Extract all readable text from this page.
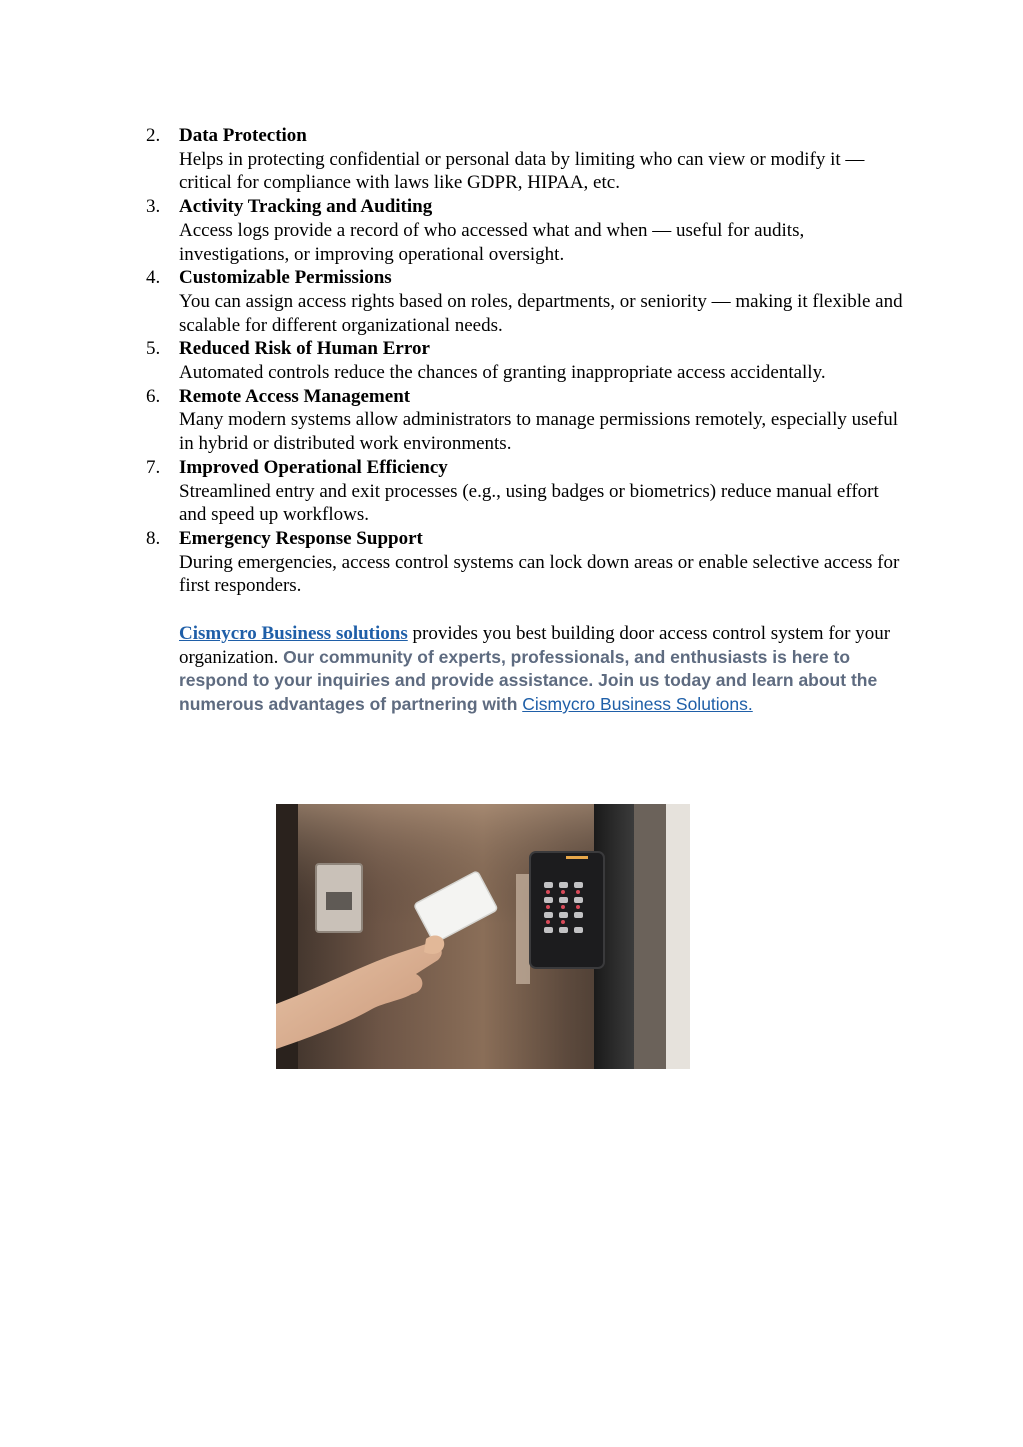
2. Data Protection
Helps in protecting confidential or personal data by limiting who can view or modify it — critical for compliance with laws like GDPR, HIPAA, etc.
3. Activity Tracking and Auditing
Access logs provide a record of who accessed what and when — useful for audits, investigations, or improving operational oversight.
4. Customizable Permissions
You can assign access rights based on roles, departments, or seniority — making it flexible and scalable for different organizational needs.
5. Reduced Risk of Human Error
Automated controls reduce the chances of granting inappropriate access accidentally.
6. Remote Access Management
Many modern systems allow administrators to manage permissions remotely, especially useful in hybrid or distributed work environments.
7. Improved Operational Efficiency
Streamlined entry and exit processes (e.g., using badges or biometrics) reduce manual effort and speed up workflows.
8. Emergency Response Support
During emergencies, access control systems can lock down areas or enable selective access for first responders.

Cismycro Business solutions provides you best building door access control system for your organization. Our community of experts, professionals, and enthusiasts is here to respond to your inquiries and provide assistance. Join us today and learn about the numerous advantages of partnering with Cismycro Business Solutions.
